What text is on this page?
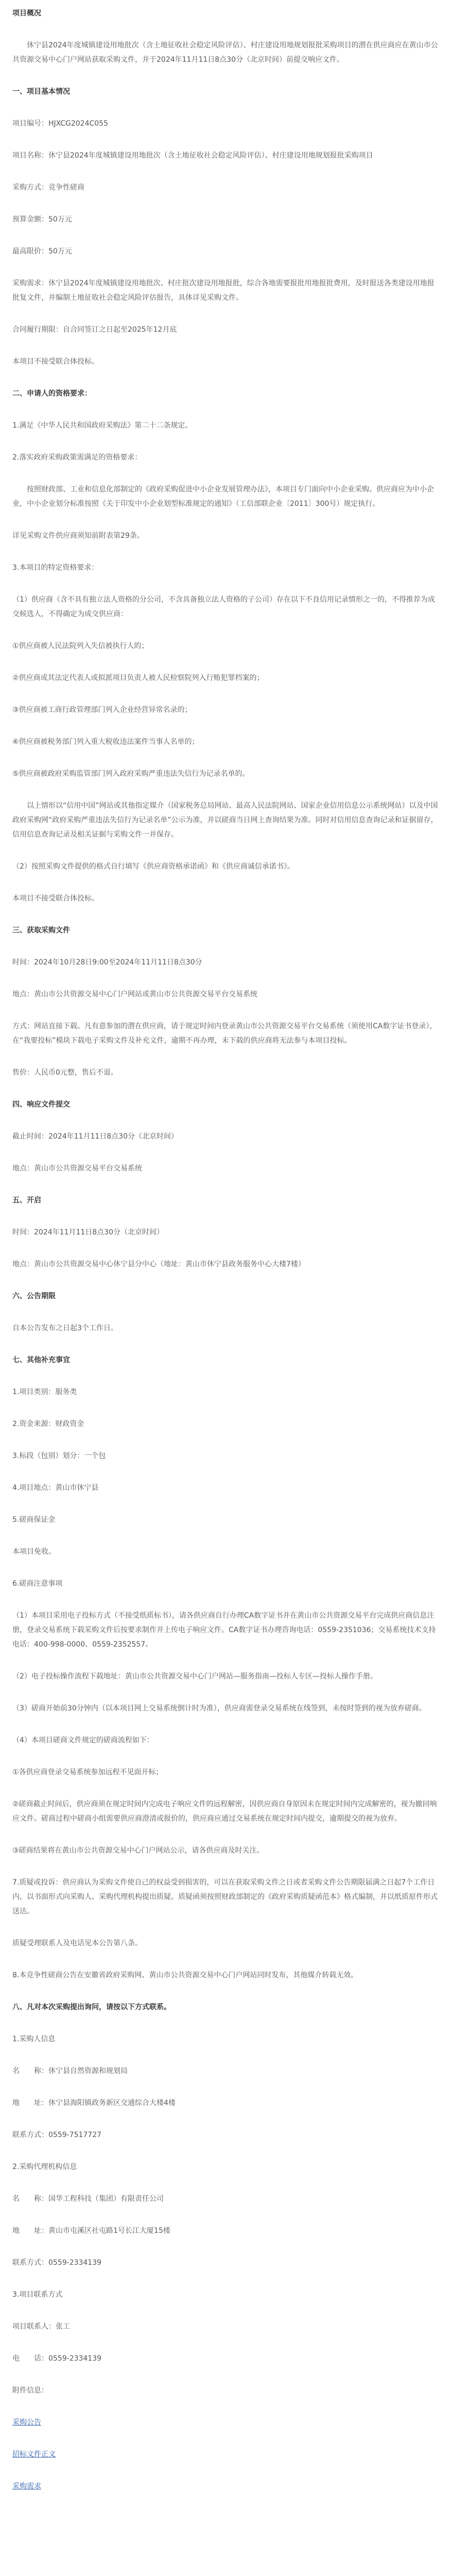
项目概况

休宁县2024年度城镇建设用地批次（含土地征收社会稳定风险评估）、村庄建设用地规划报批采购项目的潜在供应商应在黄山市公共资源交易中心门户网站获取采购文件，并于2024年11月11日8点30分（北京时间）前提交响应文件。

一、项目基本情况

项目编号：HJXCG2024C055

项目名称：休宁县2024年度城镇建设用地批次（含土地征收社会稳定风险评估）、村庄建设用地规划报批采购项目

采购方式：竞争性磋商

预算金额：50万元

最高限价：50万元

采购需求：休宁县2024年度城镇建设用地批次、村庄批次建设用地报批，综合各地需要报批用地报批费用，及时报送各类建设用地报批复文件，并编制土地征收社会稳定风险评估报告，具体详见采购文件。

合同履行期限：自合同签订之日起至2025年12月底

本项目不接受联合体投标。

二、申请人的资格要求：

1.满足《中华人民共和国政府采购法》第二十二条规定。

2.落实政府采购政策需满足的资格要求：

按照财政部、工业和信息化部制定的《政府采购促进中小企业发展管理办法》，本项目专门面向中小企业采购。供应商应为中小企业，中小企业划分标准按照《关于印发中小企业划型标准规定的通知》（工信部联企业〔2011〕300号）规定执行。

详见采购文件供应商须知前附表第29条。

3.本项目的特定资格要求：

（1）供应商（含不具有独立法人资格的分公司，不含具备独立法人资格的子公司）存在以下不良信用记录情形之一的，不得推荐为成交候选人，不得确定为成交供应商：

①供应商被人民法院列入失信被执行人的；

②供应商或其法定代表人或拟派项目负责人被人民检察院列入行贿犯罪档案的；

③供应商被工商行政管理部门列入企业经营异常名录的；

④供应商被税务部门列入重大税收违法案件当事人名单的；

⑤供应商被政府采购监管部门列入政府采购严重违法失信行为记录名单的。

以上情形以“信用中国”网站或其他指定媒介（国家税务总局网站、最高人民法院网站、国家企业信用信息公示系统网站）以及中国政府采购网“政府采购严重违法失信行为记录名单”公示为准，并以磋商当日网上查询结果为准。同时对信用信息查询记录和证据留存，信用信息查询记录及相关证据与采购文件一并保存。

（2）按照采购文件提供的格式自行填写《供应商资格承诺函》和《供应商诚信承诺书》。

本项目不接受联合体投标。

三、获取采购文件

时间：2024年10月28日9:00至2024年11月11日8点30分

地点：黄山市公共资源交易中心门户网站或黄山市公共资源交易平台交易系统

方式：网站直接下载。凡有意参加的潜在供应商，请于规定时间内登录黄山市公共资源交易平台交易系统（须使用CA数字证书登录），在“我要投标”模块下载电子采购文件及补充文件，逾期不再办理，未下载的供应商将无法参与本项目投标。

售价：人民币0元整，售后不退。

四、响应文件提交

截止时间：2024年11月11日8点30分（北京时间）

地点：黄山市公共资源交易平台交易系统

五、开启

时间：2024年11月11日8点30分（北京时间）

地点：黄山市公共资源交易中心休宁县分中心（地址：黄山市休宁县政务服务中心大楼7楼）

六、公告期限

自本公告发布之日起3个工作日。

七、其他补充事宜

1.项目类别：服务类

2.资金来源：财政资金

3.标段（包别）划分：一个包

4.项目地点：黄山市休宁县

5.磋商保证金

本项目免收。

6.磋商注意事项

（1）本项目采用电子投标方式（不接受纸质标书），请各供应商自行办理CA数字证书并在黄山市公共资源交易平台完成供应商信息注册，登录交易系统下载采购文件后按要求制作并上传电子响应文件。CA数字证书办理咨询电话：0559-2351036；交易系统技术支持电话：400-998-0000、0559-2352557。

（2）电子投标操作流程下载地址：黄山市公共资源交易中心门户网站—服务指南—投标人专区—投标人操作手册。

（3）磋商开始前30分钟内（以本项目网上交易系统倒计时为准），供应商需登录交易系统在线签到，未按时签到的视为放弃磋商。

（4）本项目磋商文件规定的磋商流程如下：

①各供应商登录交易系统参加远程不见面开标；

②磋商截止时间后，供应商须在规定时间内完成电子响应文件的远程解密，因供应商自身原因未在规定时间内完成解密的，视为撤回响应文件。磋商过程中磋商小组需要供应商澄清或报价的，供应商应通过交易系统在规定时间内提交，逾期提交的视为放弃。

③磋商结果将在黄山市公共资源交易中心门户网站公示，请各供应商及时关注。

7.质疑或投诉：供应商认为采购文件使自己的权益受到损害的，可以在获取采购文件之日或者采购文件公告期限届满之日起7个工作日内，以书面形式向采购人、采购代理机构提出质疑。质疑函须按照财政部制定的《政府采购质疑函范本》格式编制，并以纸质原件形式送达。

质疑受理联系人及电话见本公告第八条。

8.本竞争性磋商公告在安徽省政府采购网、黄山市公共资源交易中心门户网站同时发布，其他媒介转载无效。

八、凡对本次采购提出询问，请按以下方式联系。

1.采购人信息

名　　称：休宁县自然资源和规划局

地　　址：休宁县海阳镇政务新区交通综合大楼4楼

联系方式：0559-7517727

2.采购代理机构信息

名　　称：国华工程科技（集团）有限责任公司

地　　址：黄山市屯溪区社屯路1号长江大厦15楼

联系方式：0559-2334139

3.项目联系方式

项目联系人：张工

电　　话：0559-2334139

附件信息：

采购公告

招标文件正文

采购需求
